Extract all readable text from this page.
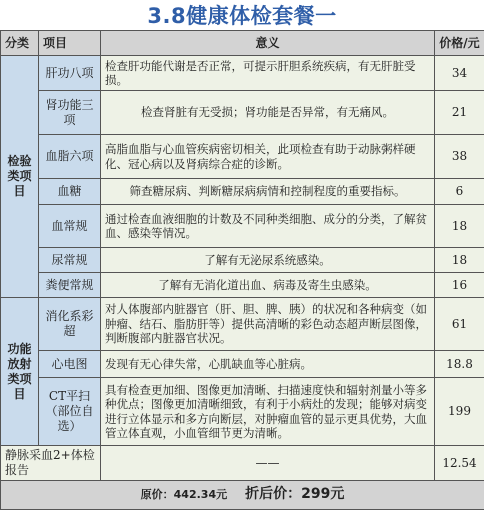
3.8健康体检套餐一
分类	项目	意义	价格/元
检验类项目	肝功八项	检查肝功能代谢是否正常，可提示肝胆系统疾病，有无肝脏受损。	34
	肾功能三项	检查肾脏有无受损；肾功能是否异常，有无痛风。	21
	血脂六项	高脂血脂与心血管疾病密切相关，此项检查有助于动脉粥样硬化、冠心病以及肾病综合症的诊断。	38
	血糖	筛查糖尿病、判断糖尿病病情和控制程度的重要指标。	6
	血常规	通过检查血液细胞的计数及不同种类细胞、成分的分类，了解贫血、感染等情况。	18
	尿常规	了解有无泌尿系统感染。	18
	粪便常规	了解有无消化道出血、病毒及寄生虫感染。	16
功能放射类项目	消化系彩超	对人体腹部内脏器官（肝、胆、脾、胰）的状况和各种病变（如肿瘤、结石、脂肪肝等）提供高清晰的彩色动态超声断层图像，判断腹部内脏器官状况。	61
	心电图	发现有无心律失常，心肌缺血等心脏病。	18.8
	CT平扫（部位自选）	具有检查更加细、图像更加清晰、扫描速度快和辐射剂量小等多种优点；图像更加清晰细致，有利于小病灶的发现；能够对病变进行立体显示和多方向断层，对肿瘤血管的显示更具优势，大血管立体直观，小血管细节更为清晰。	199
静脉采血2+体检报告		——	12.54
原价：442.34元 折后价：299元			
